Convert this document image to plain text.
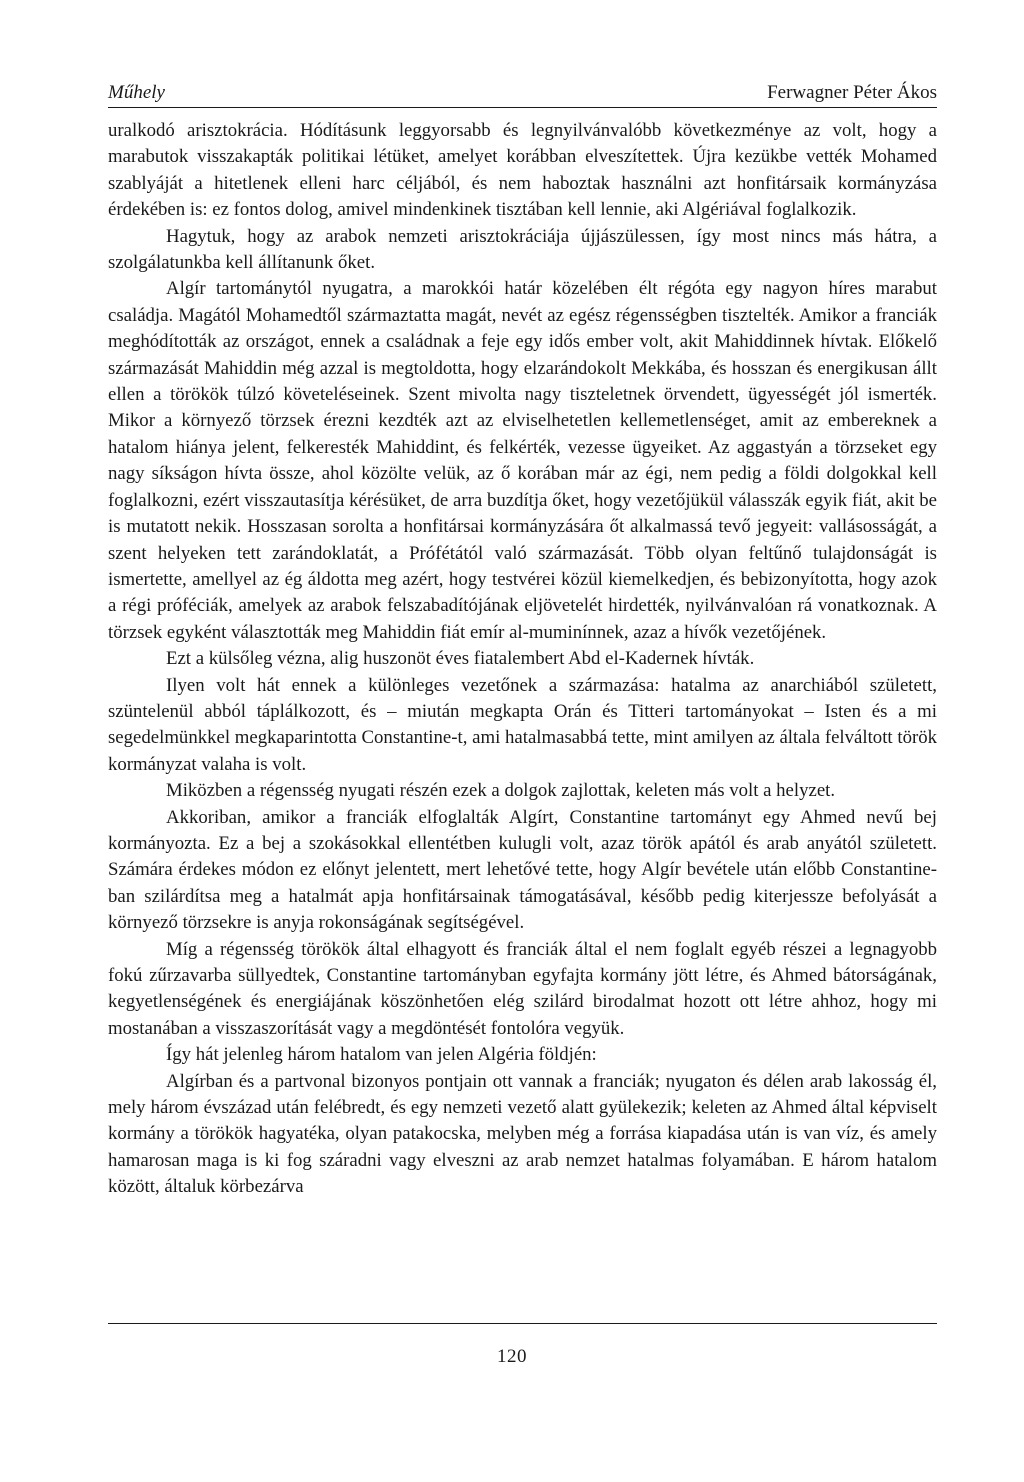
Műhely	Ferwagner Péter Ákos

uralkodó arisztokrácia. Hódításunk leggyorsabb és legnyilvánvalóbb következménye az volt, hogy a marabutok visszakapták politikai létüket, amelyet korábban elveszítettek. Újra kezükbe vették Mohamed szablyáját a hitetlenek elleni harc céljából, és nem haboztak használni azt honfitársaik kormányzása érdekében is: ez fontos dolog, amivel mindenkinek tisztában kell lennie, aki Algériával foglalkozik.

Hagytuk, hogy az arabok nemzeti arisztokráciája újjászülessen, így most nincs más hátra, a szolgálatunkba kell állítanunk őket.

Algír tartománytól nyugatra, a marokkói határ közelében élt régóta egy nagyon híres marabut családja. Magától Mohamedtől származtatta magát, nevét az egész régensségben tisztelték. Amikor a franciák meghódították az országot, ennek a családnak a feje egy idős ember volt, akit Mahiddinnek hívtak. Előkelő származását Mahiddin még azzal is megtoldotta, hogy elzarándokolt Mekkába, és hosszan és energikusan állt ellen a törökök túlzó követeléseinek. Szent mivolta nagy tiszteletnek örvendett, ügyességét jól ismerték. Mikor a környező törzsek érezni kezdték azt az elviselhetetlen kellemetlenséget, amit az embereknek a hatalom hiánya jelent, felkeresték Mahiddint, és felkérték, vezesse ügyeiket. Az aggastyán a törzseket egy nagy síkságon hívta össze, ahol közölte velük, az ő korában már az égi, nem pedig a földi dolgokkal kell foglalkozni, ezért visszautasítja kérésüket, de arra buzdítja őket, hogy vezetőjükül válasszák egyik fiát, akit be is mutatott nekik. Hosszasan sorolta a honfitársai kormányzására őt alkalmassá tevő jegyeit: vallásosságát, a szent helyeken tett zarándoklatát, a Prófétától való származását. Több olyan feltűnő tulajdonságát is ismertette, amellyel az ég áldotta meg azért, hogy testvérei közül kiemelkedjen, és bebizonyította, hogy azok a régi próféciák, amelyek az arabok felszabadítójának eljövetelét hirdették, nyilvánvalóan rá vonatkoznak. A törzsek egyként választották meg Mahiddin fiát emír al-muminínnek, azaz a hívők vezetőjének.

Ezt a külsőleg vézna, alig huszonöt éves fiatalembert Abd el-Kadernek hívták.

Ilyen volt hát ennek a különleges vezetőnek a származása: hatalma az anarchiából született, szüntelenül abból táplálkozott, és – miután megkapta Orán és Titteri tartományokat – Isten és a mi segedelmünkkel megkaparintotta Constantine-t, ami hatalmasabbá tette, mint amilyen az általa felváltott török kormányzat valaha is volt.

Miközben a régensség nyugati részén ezek a dolgok zajlottak, keleten más volt a helyzet.

Akkoriban, amikor a franciák elfoglalták Algírt, Constantine tartományt egy Ahmed nevű bej kormányozta. Ez a bej a szokásokkal ellentétben kulugli volt, azaz török apától és arab anyától született. Számára érdekes módon ez előnyt jelentett, mert lehetővé tette, hogy Algír bevétele után előbb Constantine-ban szilárdítsa meg a hatalmát apja honfitársainak támogatásával, később pedig kiterjessze befolyását a környező törzsekre is anyja rokonságának segítségével.

Míg a régensség törökök által elhagyott és franciák által el nem foglalt egyéb részei a legnagyobb fokú zűrzavarba süllyedtek, Constantine tartományban egyfajta kormány jött létre, és Ahmed bátorságának, kegyetlenségének és energiájának köszönhetően elég szilárd birodalmat hozott ott létre ahhoz, hogy mi mostanában a visszaszorítását vagy a megdöntését fontolóra vegyük.

Így hát jelenleg három hatalom van jelen Algéria földjén:

Algírban és a partvonal bizonyos pontjain ott vannak a franciák; nyugaton és délen arab lakosság él, mely három évszázad után felébredt, és egy nemzeti vezető alatt gyülekezik; keleten az Ahmed által képviselt kormány a törökök hagyatéka, olyan patakocska, melyben még a forrása kiapadása után is van víz, és amely hamarosan maga is ki fog száradni vagy elveszni az arab nemzet hatalmas folyamában. E három hatalom között, általuk körbezárva

120
